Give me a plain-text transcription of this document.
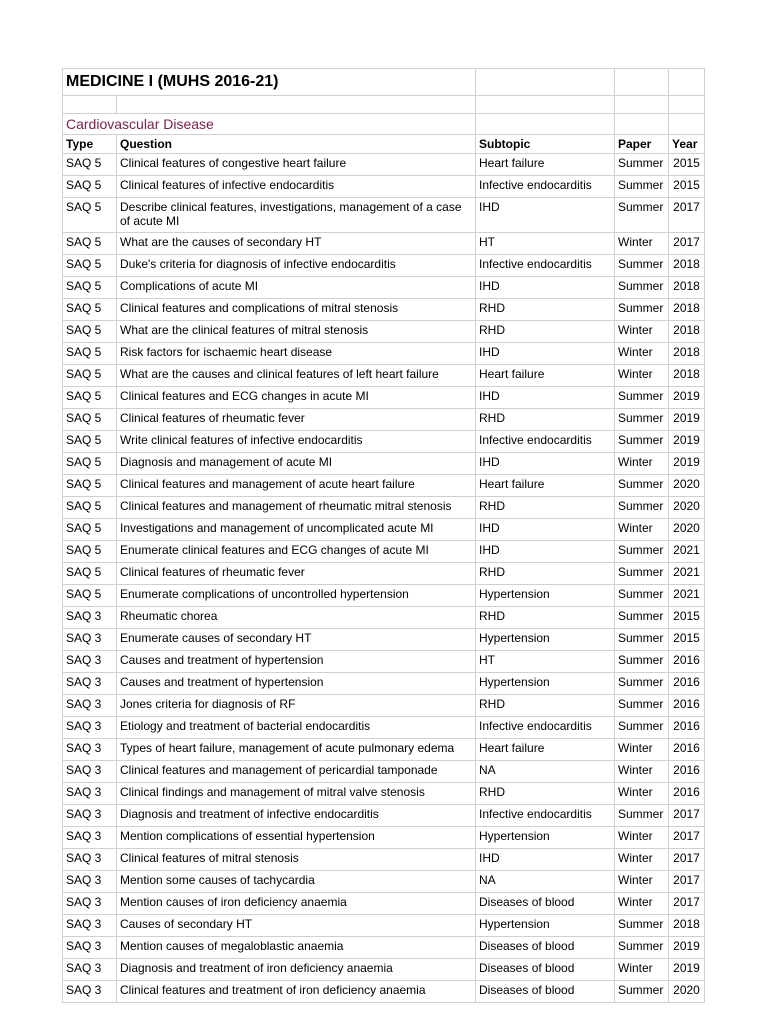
MEDICINE I (MUHS 2016-21)				

Cardiovascular Disease				
Type	Question	Subtopic	Paper	Year
SAQ 5	Clinical features of congestive heart failure	Heart failure	Summer	2015
SAQ 5	Clinical features of infective endocarditis	Infective endocarditis	Summer	2015
SAQ 5	Describe clinical features, investigations, management of a case of acute MI	IHD	Summer	2017
SAQ 5	What are the causes of secondary HT	HT	Winter	2017
SAQ 5	Duke's criteria for diagnosis of infective endocarditis	Infective endocarditis	Summer	2018
SAQ 5	Complications of acute MI	IHD	Summer	2018
SAQ 5	Clinical features and complications of mitral stenosis	RHD	Summer	2018
SAQ 5	What are the clinical features of mitral stenosis	RHD	Winter	2018
SAQ 5	Risk factors for ischaemic heart disease	IHD	Winter	2018
SAQ 5	What are the causes and clinical features of left heart failure	Heart failure	Winter	2018
SAQ 5	Clinical features and ECG changes in acute MI	IHD	Summer	2019
SAQ 5	Clinical features of rheumatic fever	RHD	Summer	2019
SAQ 5	Write clinical features of infective endocarditis	Infective endocarditis	Summer	2019
SAQ 5	Diagnosis and management of acute MI	IHD	Winter	2019
SAQ 5	Clinical features and management of acute heart failure	Heart failure	Summer	2020
SAQ 5	Clinical features and management of rheumatic mitral stenosis	RHD	Summer	2020
SAQ 5	Investigations and management of uncomplicated acute MI	IHD	Winter	2020
SAQ 5	Enumerate clinical features and ECG changes of acute MI	IHD	Summer	2021
SAQ 5	Clinical features of rheumatic fever	RHD	Summer	2021
SAQ 5	Enumerate complications of uncontrolled hypertension	Hypertension	Summer	2021
SAQ 3	Rheumatic chorea	RHD	Summer	2015
SAQ 3	Enumerate causes of secondary HT	Hypertension	Summer	2015
SAQ 3	Causes and treatment of hypertension	HT	Summer	2016
SAQ 3	Causes and treatment of hypertension	Hypertension	Summer	2016
SAQ 3	Jones criteria for diagnosis of RF	RHD	Summer	2016
SAQ 3	Etiology and treatment of bacterial endocarditis	Infective endocarditis	Summer	2016
SAQ 3	Types of heart failure, management of acute pulmonary edema	Heart failure	Winter	2016
SAQ 3	Clinical features and management of pericardial tamponade	NA	Winter	2016
SAQ 3	Clinical findings and management of mitral valve stenosis	RHD	Winter	2016
SAQ 3	Diagnosis and treatment of infective endocarditis	Infective endocarditis	Summer	2017
SAQ 3	Mention complications of essential hypertension	Hypertension	Winter	2017
SAQ 3	Clinical features of mitral stenosis	IHD	Winter	2017
SAQ 3	Mention some causes of tachycardia	NA	Winter	2017
SAQ 3	Mention causes of iron deficiency anaemia	Diseases of blood	Winter	2017
SAQ 3	Causes of secondary HT	Hypertension	Summer	2018
SAQ 3	Mention causes of megaloblastic anaemia	Diseases of blood	Summer	2019
SAQ 3	Diagnosis and treatment of iron deficiency anaemia	Diseases of blood	Winter	2019
SAQ 3	Clinical features and treatment of iron deficiency anaemia	Diseases of blood	Summer	2020
